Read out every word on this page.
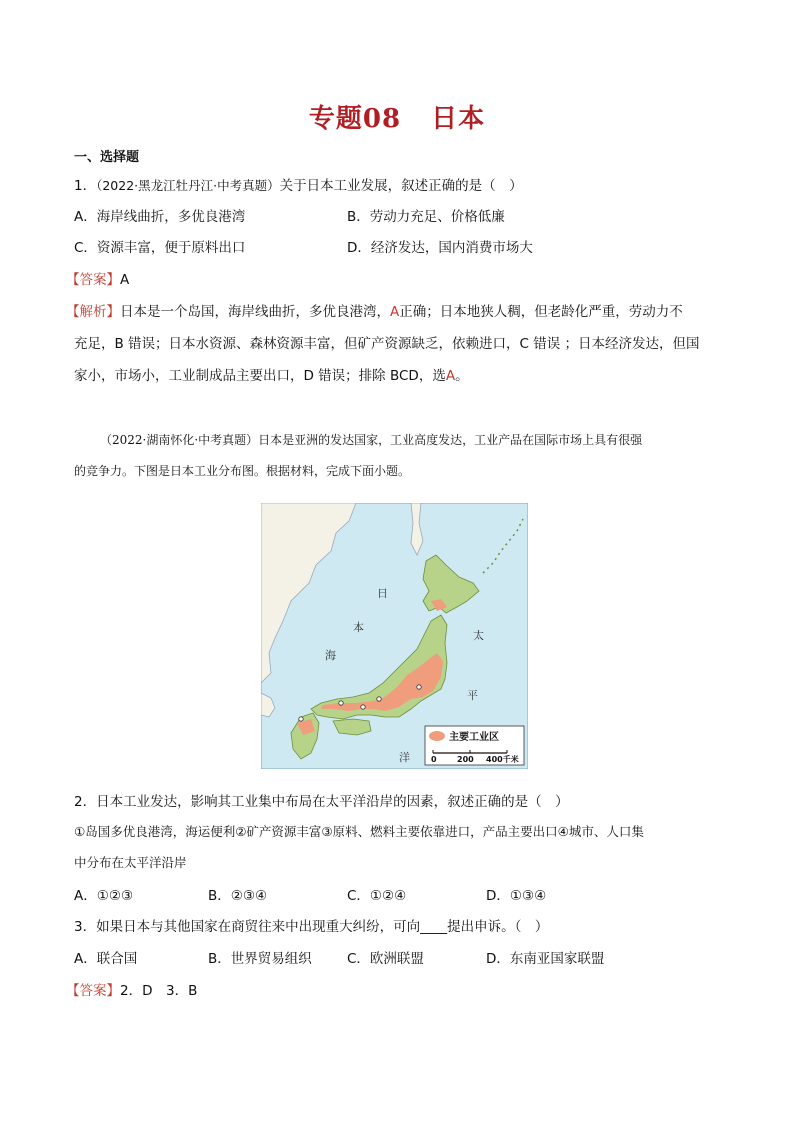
专题08 日本
一、选择题
1．（2022·黑龙江牡丹江·中考真题）关于日本工业发展，叙述正确的是（　）
A．海岸线曲折，多优良港湾	B．劳动力充足、价格低廉
C．资源丰富，便于原料出口	D．经济发达，国内消费市场大
【答案】A
【解析】日本是一个岛国，海岸线曲折，多优良港湾，A正确；日本地狭人稠，但老龄化严重，劳动力不
充足，B 错误；日本水资源、森林资源丰富，但矿产资源缺乏，依赖进口，C 错误 ；日本经济发达，但国
家小，市场小，工业制成品主要出口，D 错误；排除 BCD，选A。
（2022·湖南怀化·中考真题）日本是亚洲的发达国家，工业高度发达，工业产品在国际市场上具有很强
的竞争力。下图是日本工业分布图。根据材料，完成下面小题。
日
本
海
太
平
洋
主要工业区
0	200 400千米
2．日本工业发达，影响其工业集中布局在太平洋沿岸的因素，叙述正确的是（　）
①岛国多优良港湾，海运便利②矿产资源丰富③原料、燃料主要依靠进口，产品主要出口④城市、人口集
中分布在太平洋沿岸
A．①②③	B．②③④	C．①②④	D．①③④
3．如果日本与其他国家在商贸往来中出现重大纠纷，可向____提出申诉。（　）
A．联合国	B．世界贸易组织	C．欧洲联盟	D．东南亚国家联盟
【答案】2．D　3．B
